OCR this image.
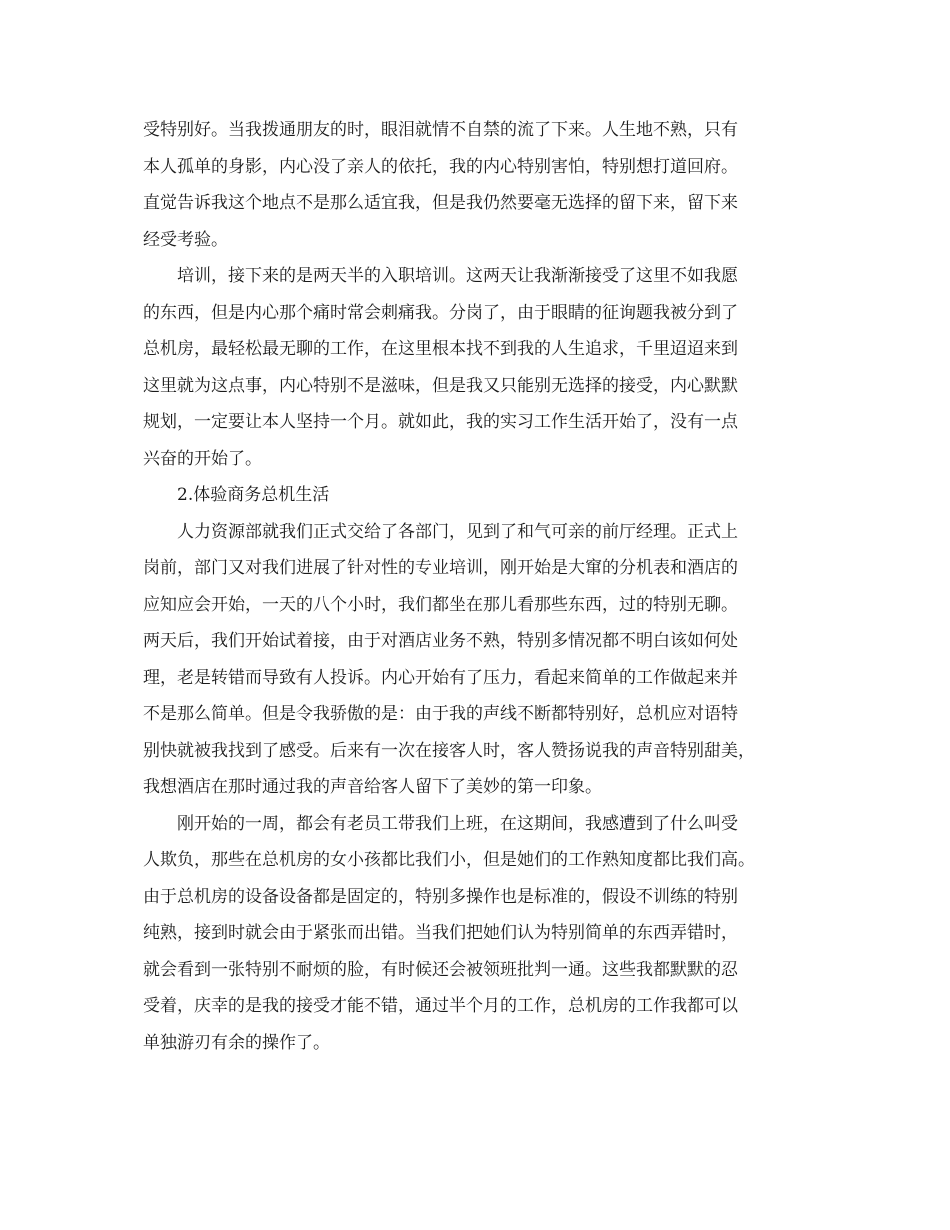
受特别好。当我拨通朋友的时，眼泪就情不自禁的流了下来。人生地不熟，只有
本人孤单的身影，内心没了亲人的依托，我的内心特别害怕，特别想打道回府。
直觉告诉我这个地点不是那么适宜我，但是我仍然要毫无选择的留下来，留下来
经受考验。
培训，接下来的是两天半的入职培训。这两天让我渐渐接受了这里不如我愿
的东西，但是内心那个痛时常会刺痛我。分岗了，由于眼睛的征询题我被分到了
总机房，最轻松最无聊的工作，在这里根本找不到我的人生追求，千里迢迢来到
这里就为这点事，内心特别不是滋味，但是我又只能别无选择的接受，内心默默
规划，一定要让本人坚持一个月。就如此，我的实习工作生活开始了，没有一点
兴奋的开始了。
2.体验商务总机生活
人力资源部就我们正式交给了各部门，见到了和气可亲的前厅经理。正式上
岗前，部门又对我们进展了针对性的专业培训，刚开始是大窜的分机表和酒店的
应知应会开始，一天的八个小时，我们都坐在那儿看那些东西，过的特别无聊。
两天后，我们开始试着接，由于对酒店业务不熟，特别多情况都不明白该如何处
理，老是转错而导致有人投诉。内心开始有了压力，看起来简单的工作做起来并
不是那么简单。但是令我骄傲的是：由于我的声线不断都特别好，总机应对语特
别快就被我找到了感受。后来有一次在接客人时，客人赞扬说我的声音特别甜美，
我想酒店在那时通过我的声音给客人留下了美妙的第一印象。
刚开始的一周，都会有老员工带我们上班，在这期间，我感遭到了什么叫受
人欺负，那些在总机房的女小孩都比我们小，但是她们的工作熟知度都比我们高。
由于总机房的设备设备都是固定的，特别多操作也是标准的，假设不训练的特别
纯熟，接到时就会由于紧张而出错。当我们把她们认为特别简单的东西弄错时，
就会看到一张特别不耐烦的脸，有时候还会被领班批判一通。这些我都默默的忍
受着，庆幸的是我的接受才能不错，通过半个月的工作，总机房的工作我都可以
单独游刃有余的操作了。
